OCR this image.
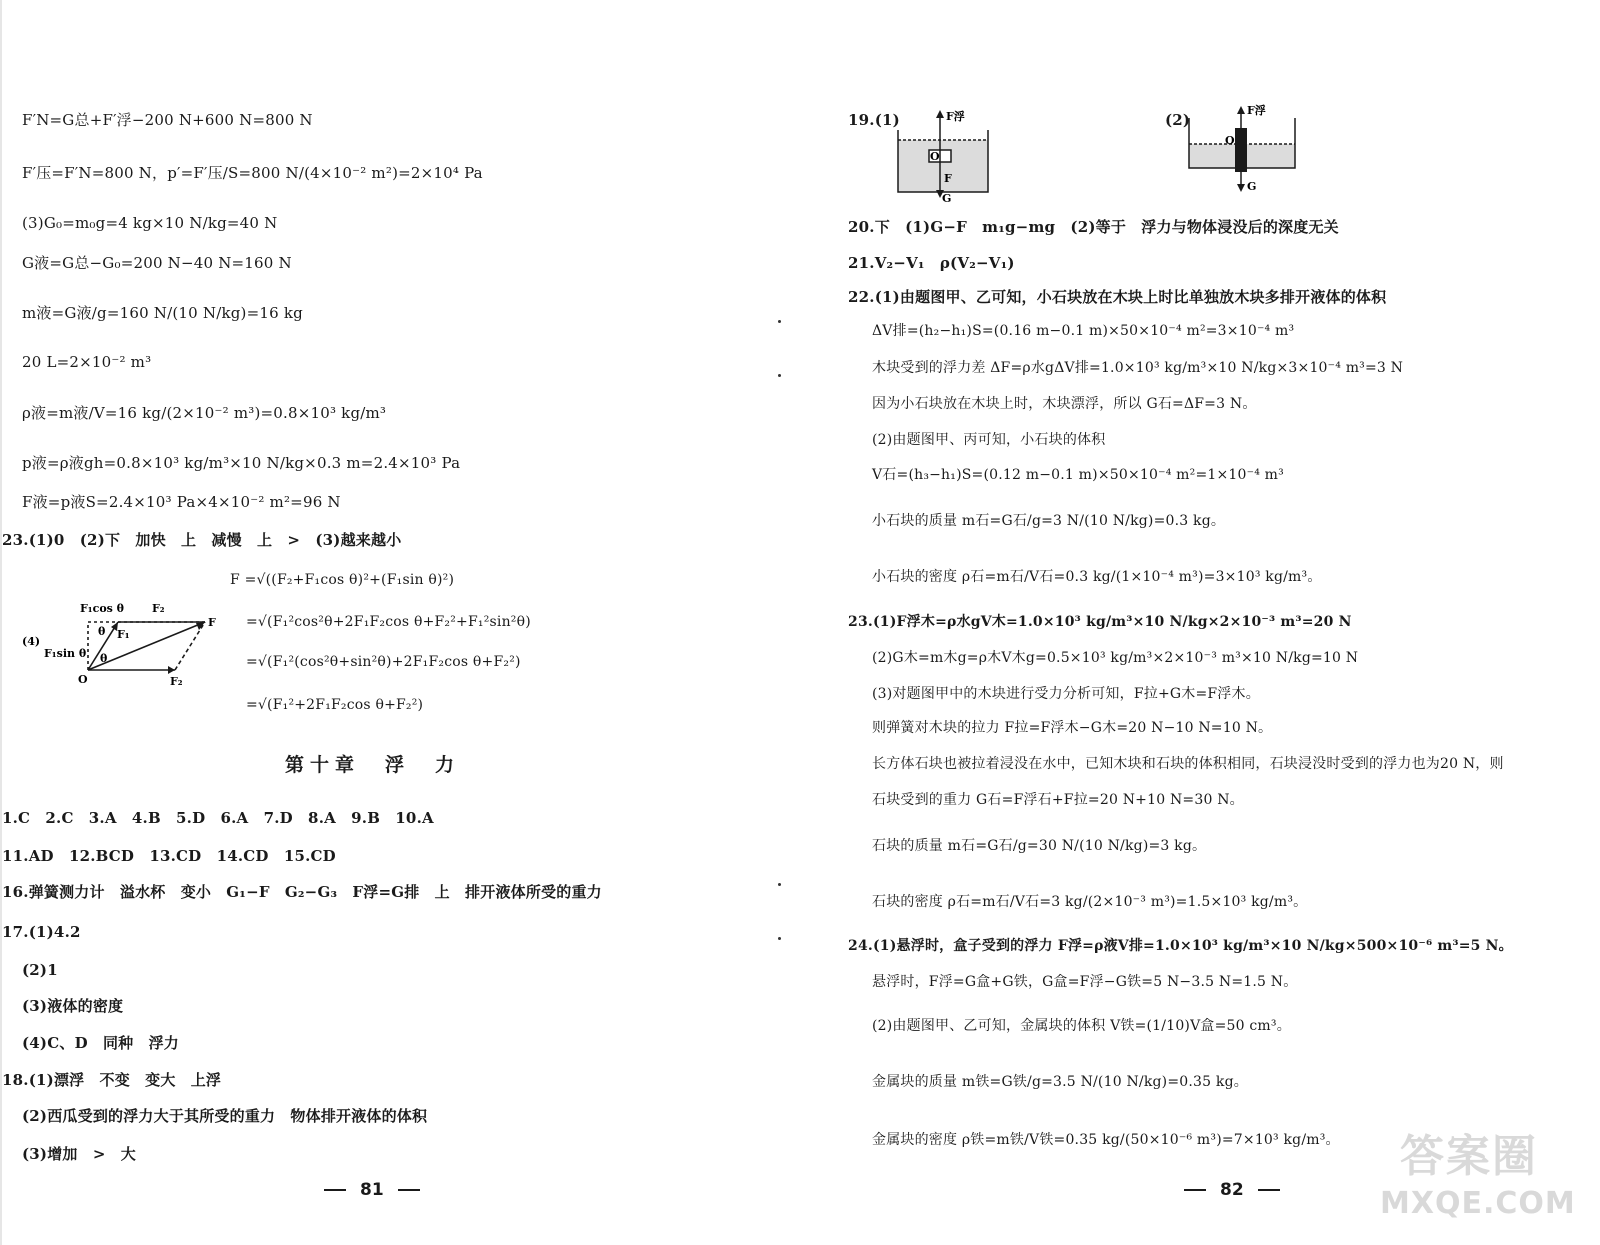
F′N=G总+F′浮−200 N+600 N=800 N
F′压=F′N=800 N，p′=F′压/S=800 N/(4×10⁻² m²)=2×10⁴ Pa
(3)G₀=m₀g=4 kg×10 N/kg=40 N
G液=G总−G₀=200 N−40 N=160 N
m液=G液/g=160 N/(10 N/kg)=16 kg
20 L=2×10⁻² m³
ρ液=m液/V=16 kg/(2×10⁻² m³)=0.8×10³ kg/m³
p液=ρ液gh=0.8×10³ kg/m³×10 N/kg×0.3 m=2.4×10³ Pa
F液=p液S=2.4×10³ Pa×4×10⁻² m²=96 N
23.(1)0　(2)下　加快　上　减慢　上　>　(3)越来越小
F₁cos θ	F₂
F₁
F
θ
θ
(4)
F₁sin θ
O	F₂
F =√((F₂+F₁cos θ)²+(F₁sin θ)²)
=√(F₁²cos²θ+2F₁F₂cos θ+F₂²+F₁²sin²θ)
=√(F₁²(cos²θ+sin²θ)+2F₁F₂cos θ+F₂²)
=√(F₁²+2F₁F₂cos θ+F₂²)
第十章　浮　力
1.C　2.C　3.A　4.B　5.D　6.A　7.D　8.A　9.B　10.A
11.AD　12.BCD　13.CD　14.CD　15.CD
16.弹簧测力计　溢水杯　变小　G₁−F　G₂−G₃　F浮=G排　上　排开液体所受的重力
17.(1)4.2
(2)1
(3)液体的密度
(4)C、D　同种　浮力
18.(1)漂浮　不变　变大　上浮
(2)西瓜受到的浮力大于其所受的重力　物体排开液体的体积
(3)增加　>　大
81
19.(1)	F浮
O
F
G
(2)
F浮
O
G
20.下　(1)G−F　m₁g−mg　(2)等于　浮力与物体浸没后的深度无关
21.V₂−V₁　ρ(V₂−V₁)
22.(1)由题图甲、乙可知，小石块放在木块上时比单独放木块多排开液体的体积
ΔV排=(h₂−h₁)S=(0.16 m−0.1 m)×50×10⁻⁴ m²=3×10⁻⁴ m³
木块受到的浮力差 ΔF=ρ水gΔV排=1.0×10³ kg/m³×10 N/kg×3×10⁻⁴ m³=3 N
因为小石块放在木块上时，木块漂浮，所以 G石=ΔF=3 N。
(2)由题图甲、丙可知，小石块的体积
V石=(h₃−h₁)S=(0.12 m−0.1 m)×50×10⁻⁴ m²=1×10⁻⁴ m³
小石块的质量 m石=G石/g=3 N/(10 N/kg)=0.3 kg。
小石块的密度 ρ石=m石/V石=0.3 kg/(1×10⁻⁴ m³)=3×10³ kg/m³。
23.(1)F浮木=ρ水gV木=1.0×10³ kg/m³×10 N/kg×2×10⁻³ m³=20 N
(2)G木=m木g=ρ木V木g=0.5×10³ kg/m³×2×10⁻³ m³×10 N/kg=10 N
(3)对题图甲中的木块进行受力分析可知，F拉+G木=F浮木。
则弹簧对木块的拉力 F拉=F浮木−G木=20 N−10 N=10 N。
长方体石块也被拉着浸没在水中，已知木块和石块的体积相同，石块浸没时受到的浮力也为20 N，则
石块受到的重力 G石=F浮石+F拉=20 N+10 N=30 N。
石块的质量 m石=G石/g=30 N/(10 N/kg)=3 kg。
石块的密度 ρ石=m石/V石=3 kg/(2×10⁻³ m³)=1.5×10³ kg/m³。
24.(1)悬浮时，盒子受到的浮力 F浮=ρ液V排=1.0×10³ kg/m³×10 N/kg×500×10⁻⁶ m³=5 N。
悬浮时，F浮=G盒+G铁，G盒=F浮−G铁=5 N−3.5 N=1.5 N。
(2)由题图甲、乙可知，金属块的体积 V铁=(1/10)V盒=50 cm³。
金属块的质量 m铁=G铁/g=3.5 N/(10 N/kg)=0.35 kg。
金属块的密度 ρ铁=m铁/V铁=0.35 kg/(50×10⁻⁶ m³)=7×10³ kg/m³。
82
答案圈
MXQE.COM
